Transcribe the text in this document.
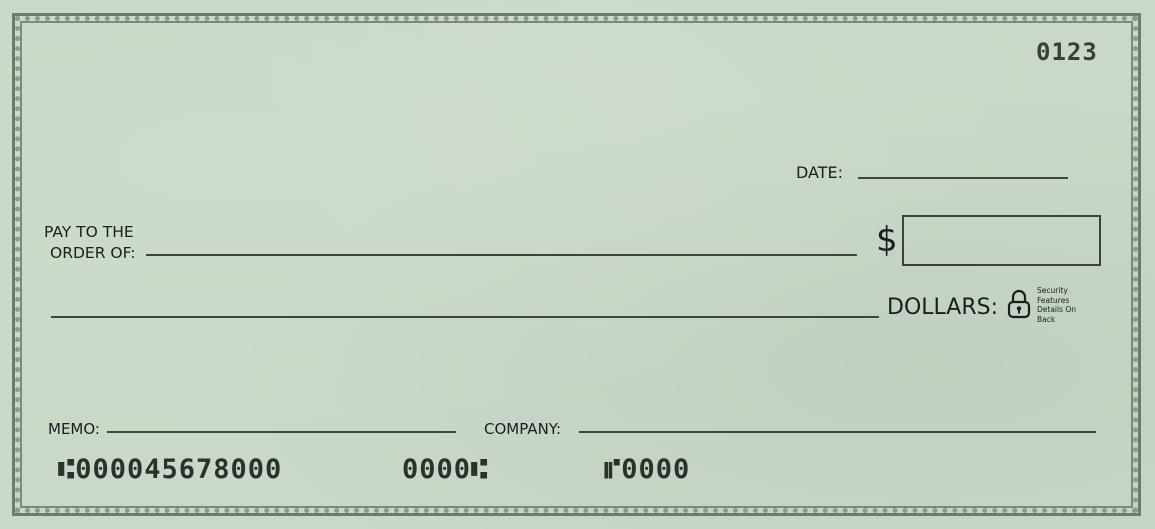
0123
DATE:
PAY TO THE
ORDER OF:	$
DOLLARS:
Security
Features
Details On
Back
MEMO:	COMPANY:
⑆000045678000	0000⑆	⑈0000
